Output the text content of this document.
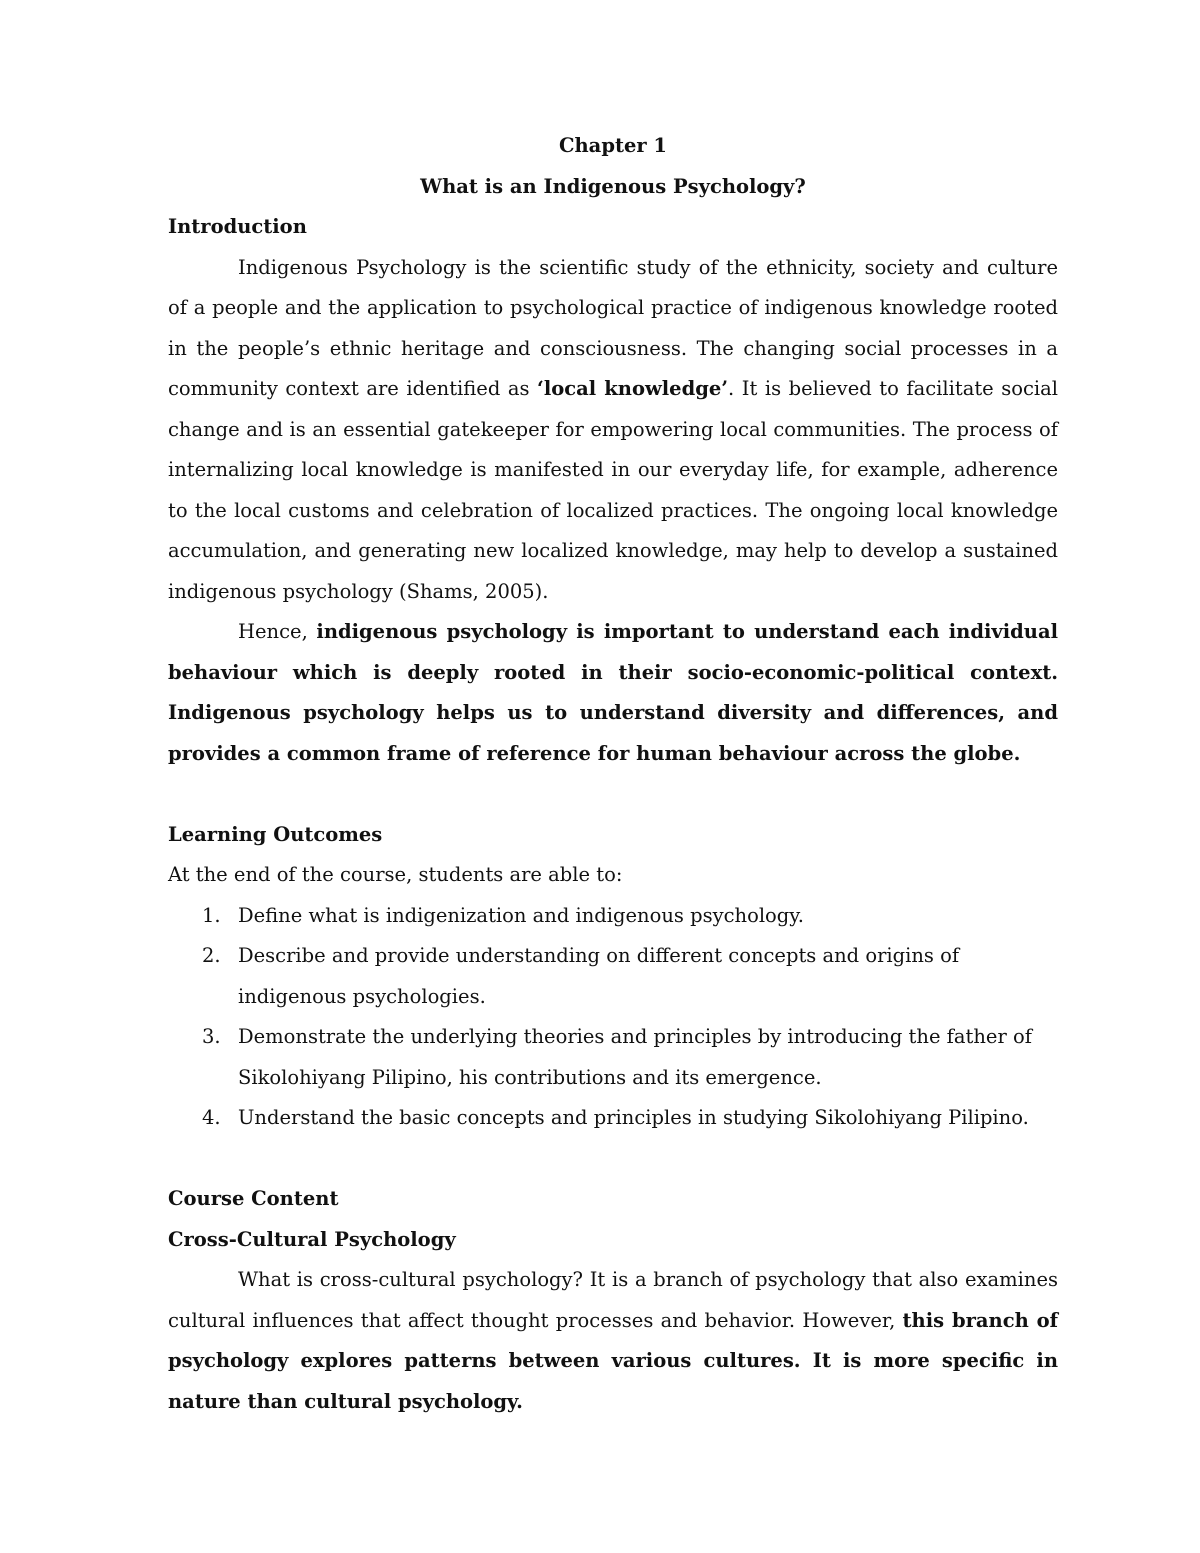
Chapter 1

What is an Indigenous Psychology?

Introduction

Indigenous Psychology is the scientific study of the ethnicity, society and culture of a people and the application to psychological practice of indigenous knowledge rooted in the people’s ethnic heritage and consciousness. The changing social processes in a community context are identified as ‘local knowledge’. It is believed to facilitate social change and is an essential gatekeeper for empowering local communities. The process of internalizing local knowledge is manifested in our everyday life, for example, adherence to the local customs and celebration of localized practices. The ongoing local knowledge accumulation, and generating new localized knowledge, may help to develop a sustained indigenous psychology (Shams, 2005).

Hence, indigenous psychology is important to understand each individual behaviour which is deeply rooted in their socio-economic-political context. Indigenous psychology helps us to understand diversity and differences, and provides a common frame of reference for human behaviour across the globe.

Learning Outcomes

At the end of the course, students are able to:

1. Define what is indigenization and indigenous psychology.
2. Describe and provide understanding on different concepts and origins of indigenous psychologies.
3. Demonstrate the underlying theories and principles by introducing the father of Sikolohiyang Pilipino, his contributions and its emergence.
4. Understand the basic concepts and principles in studying Sikolohiyang Pilipino.

Course Content

Cross-Cultural Psychology

What is cross-cultural psychology? It is a branch of psychology that also examines cultural influences that affect thought processes and behavior. However, this branch of psychology explores patterns between various cultures. It is more specific in nature than cultural psychology.
